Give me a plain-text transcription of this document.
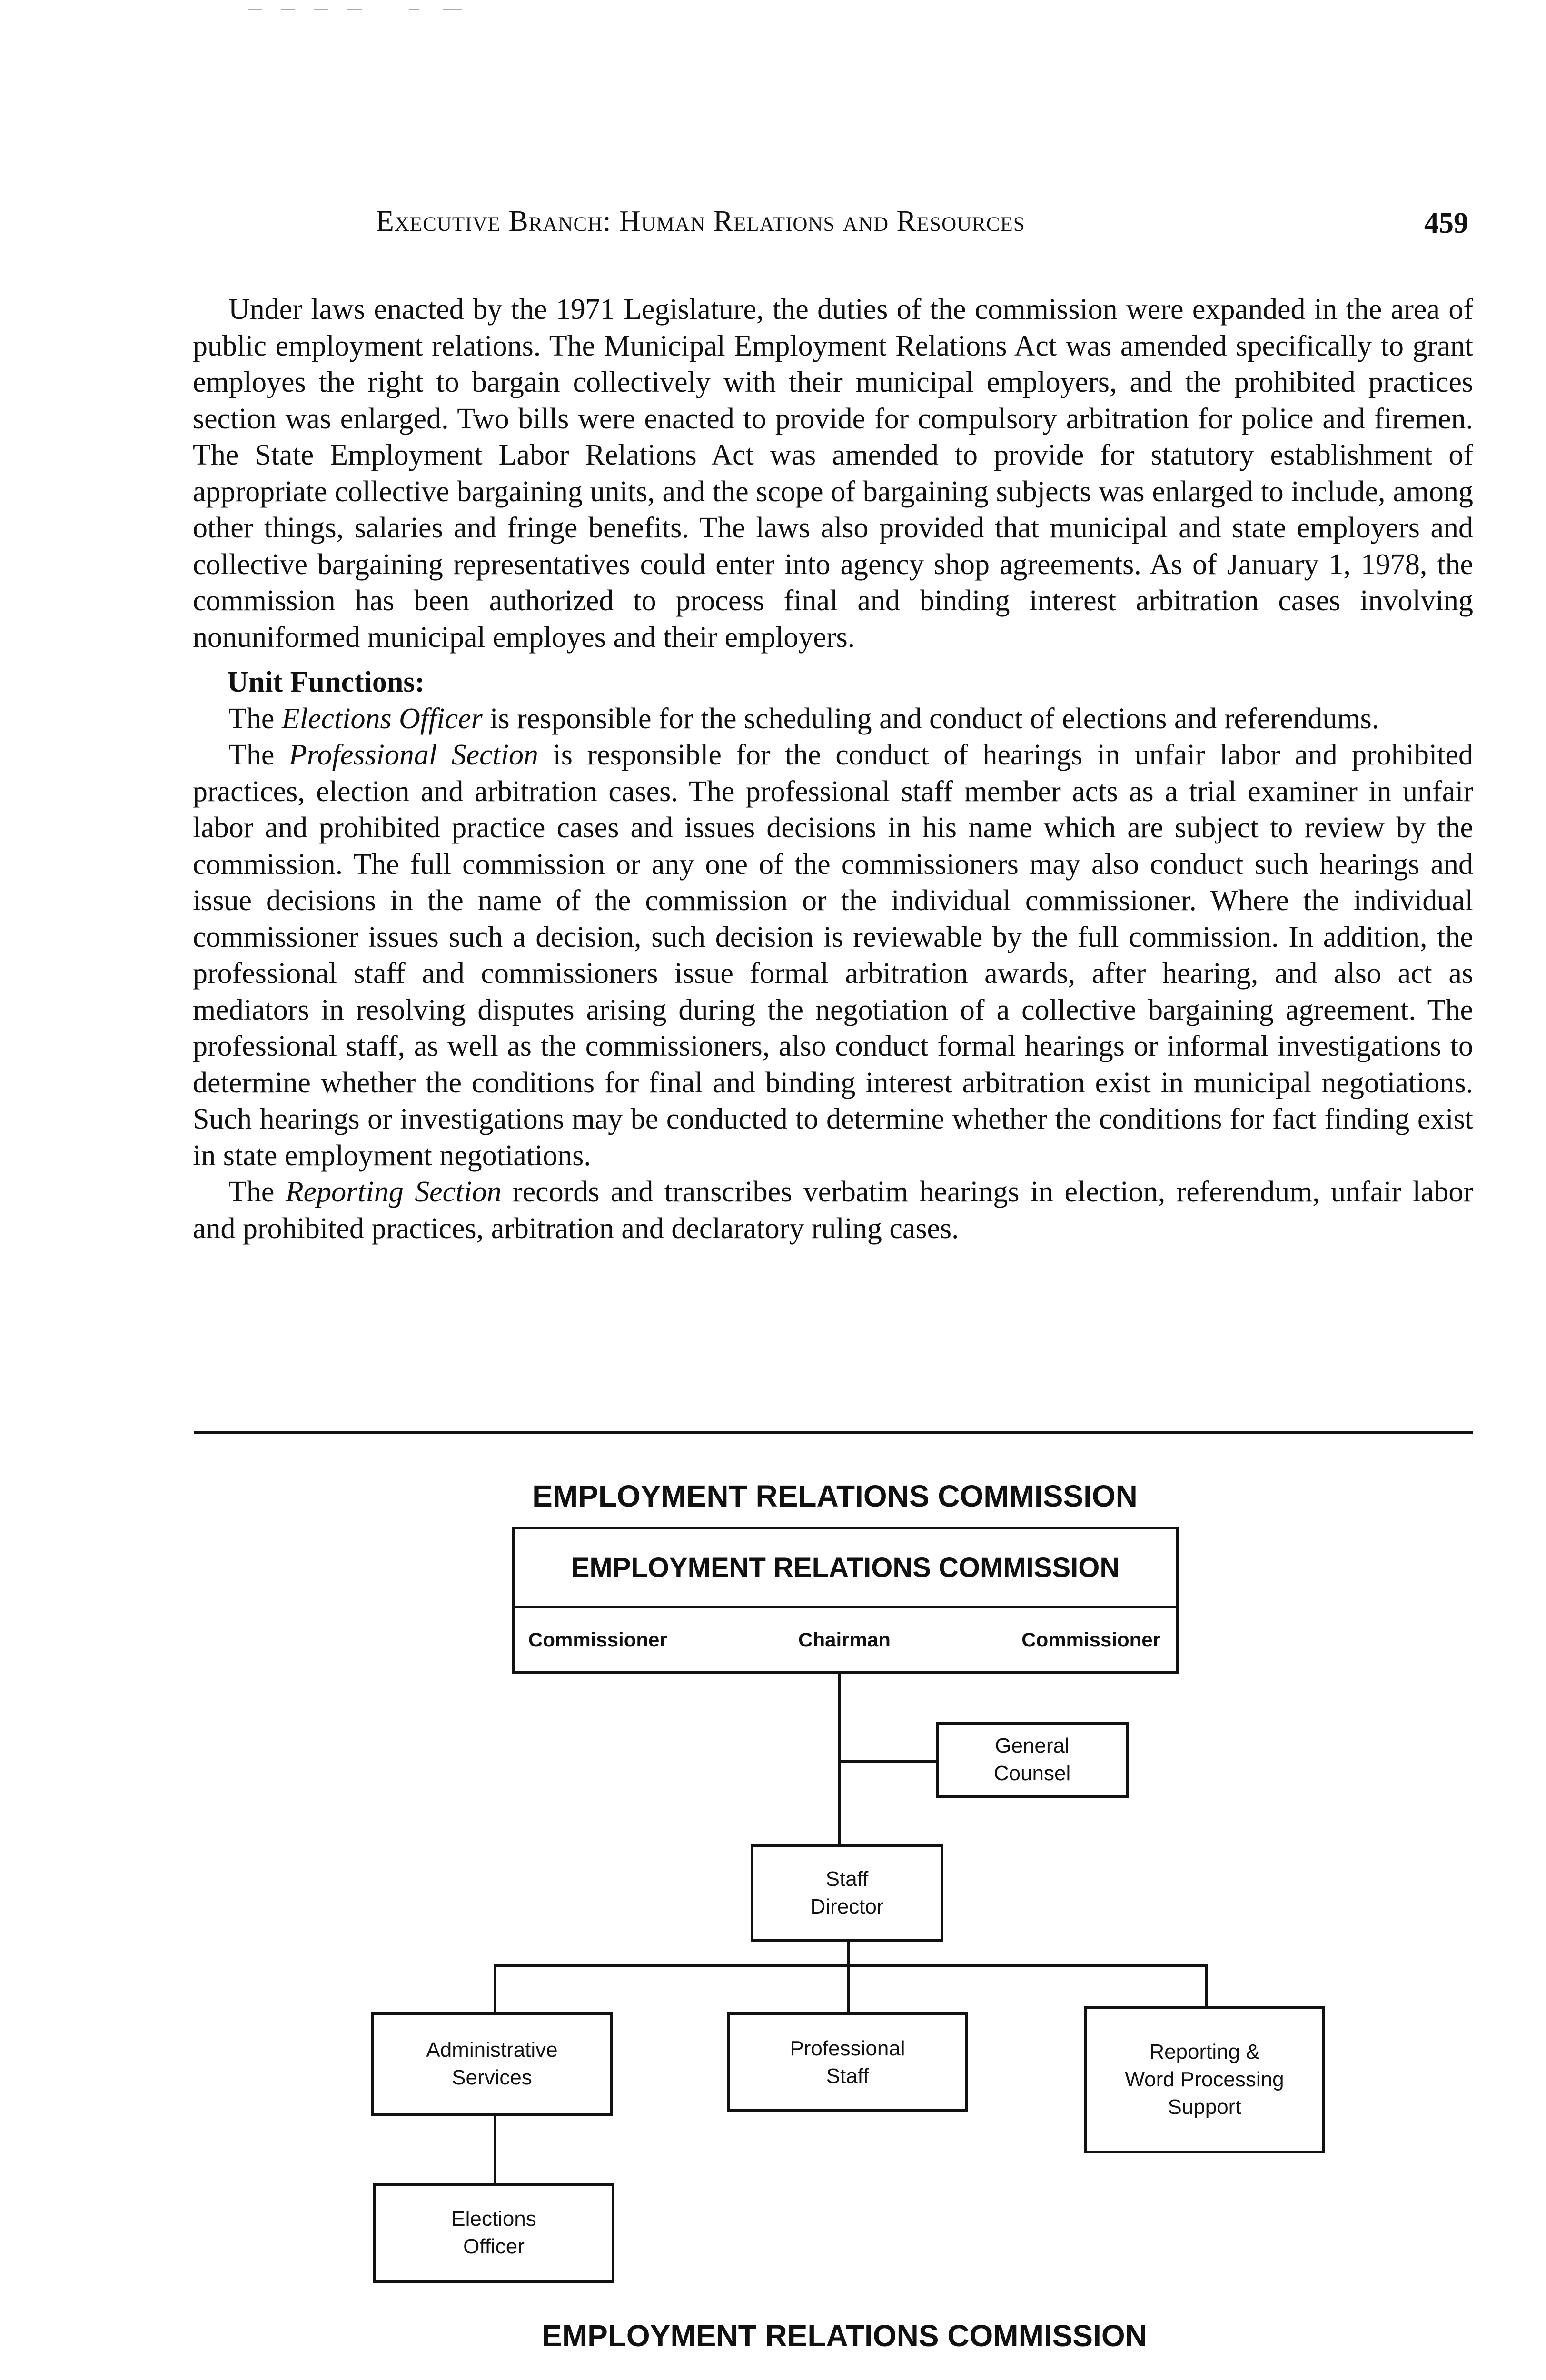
Executive Branch: Human Relations and Resources	459

Under laws enacted by the 1971 Legislature, the duties of the commission were expanded in the area of public employment relations. The Municipal Employment Relations Act was amended specifically to grant employes the right to bargain collectively with their municipal employers, and the prohibited practices section was enlarged. Two bills were enacted to provide for compulsory arbitration for police and firemen. The State Employment Labor Relations Act was amended to provide for statutory establishment of appropriate collective bargaining units, and the scope of bargaining subjects was enlarged to include, among other things, salaries and fringe benefits. The laws also provided that municipal and state employers and collective bargaining representatives could enter into agency shop agreements. As of January 1, 1978, the commission has been authorized to process final and binding interest arbitration cases involving nonuniformed municipal employes and their employers.

Unit Functions:

The Elections Officer is responsible for the scheduling and conduct of elections and referendums.

The Professional Section is responsible for the conduct of hearings in unfair labor and prohibited practices, election and arbitration cases. The professional staff member acts as a trial examiner in unfair labor and prohibited practice cases and issues decisions in his name which are subject to review by the commission. The full commission or any one of the commissioners may also conduct such hearings and issue decisions in the name of the commission or the individual commissioner. Where the individual commissioner issues such a decision, such decision is reviewable by the full commission. In addition, the professional staff and commissioners issue formal arbitration awards, after hearing, and also act as mediators in resolving disputes arising during the negotiation of a collective bargaining agreement. The professional staff, as well as the commissioners, also conduct formal hearings or informal investigations to determine whether the conditions for final and binding interest arbitration exist in municipal negotiations. Such hearings or investigations may be conducted to determine whether the conditions for fact finding exist in state employment negotiations.

The Reporting Section records and transcribes verbatim hearings in election, referendum, unfair labor and prohibited practices, arbitration and declaratory ruling cases.

EMPLOYMENT RELATIONS COMMISSION
EMPLOYMENT RELATIONS COMMISSION
Commissioner	Chairman	Commissioner
General
Counsel
Staff
Director
Administrative
Services
Professional
Staff
Reporting &
Word Processing
Support
Elections
Officer
EMPLOYMENT RELATIONS COMMISSION
